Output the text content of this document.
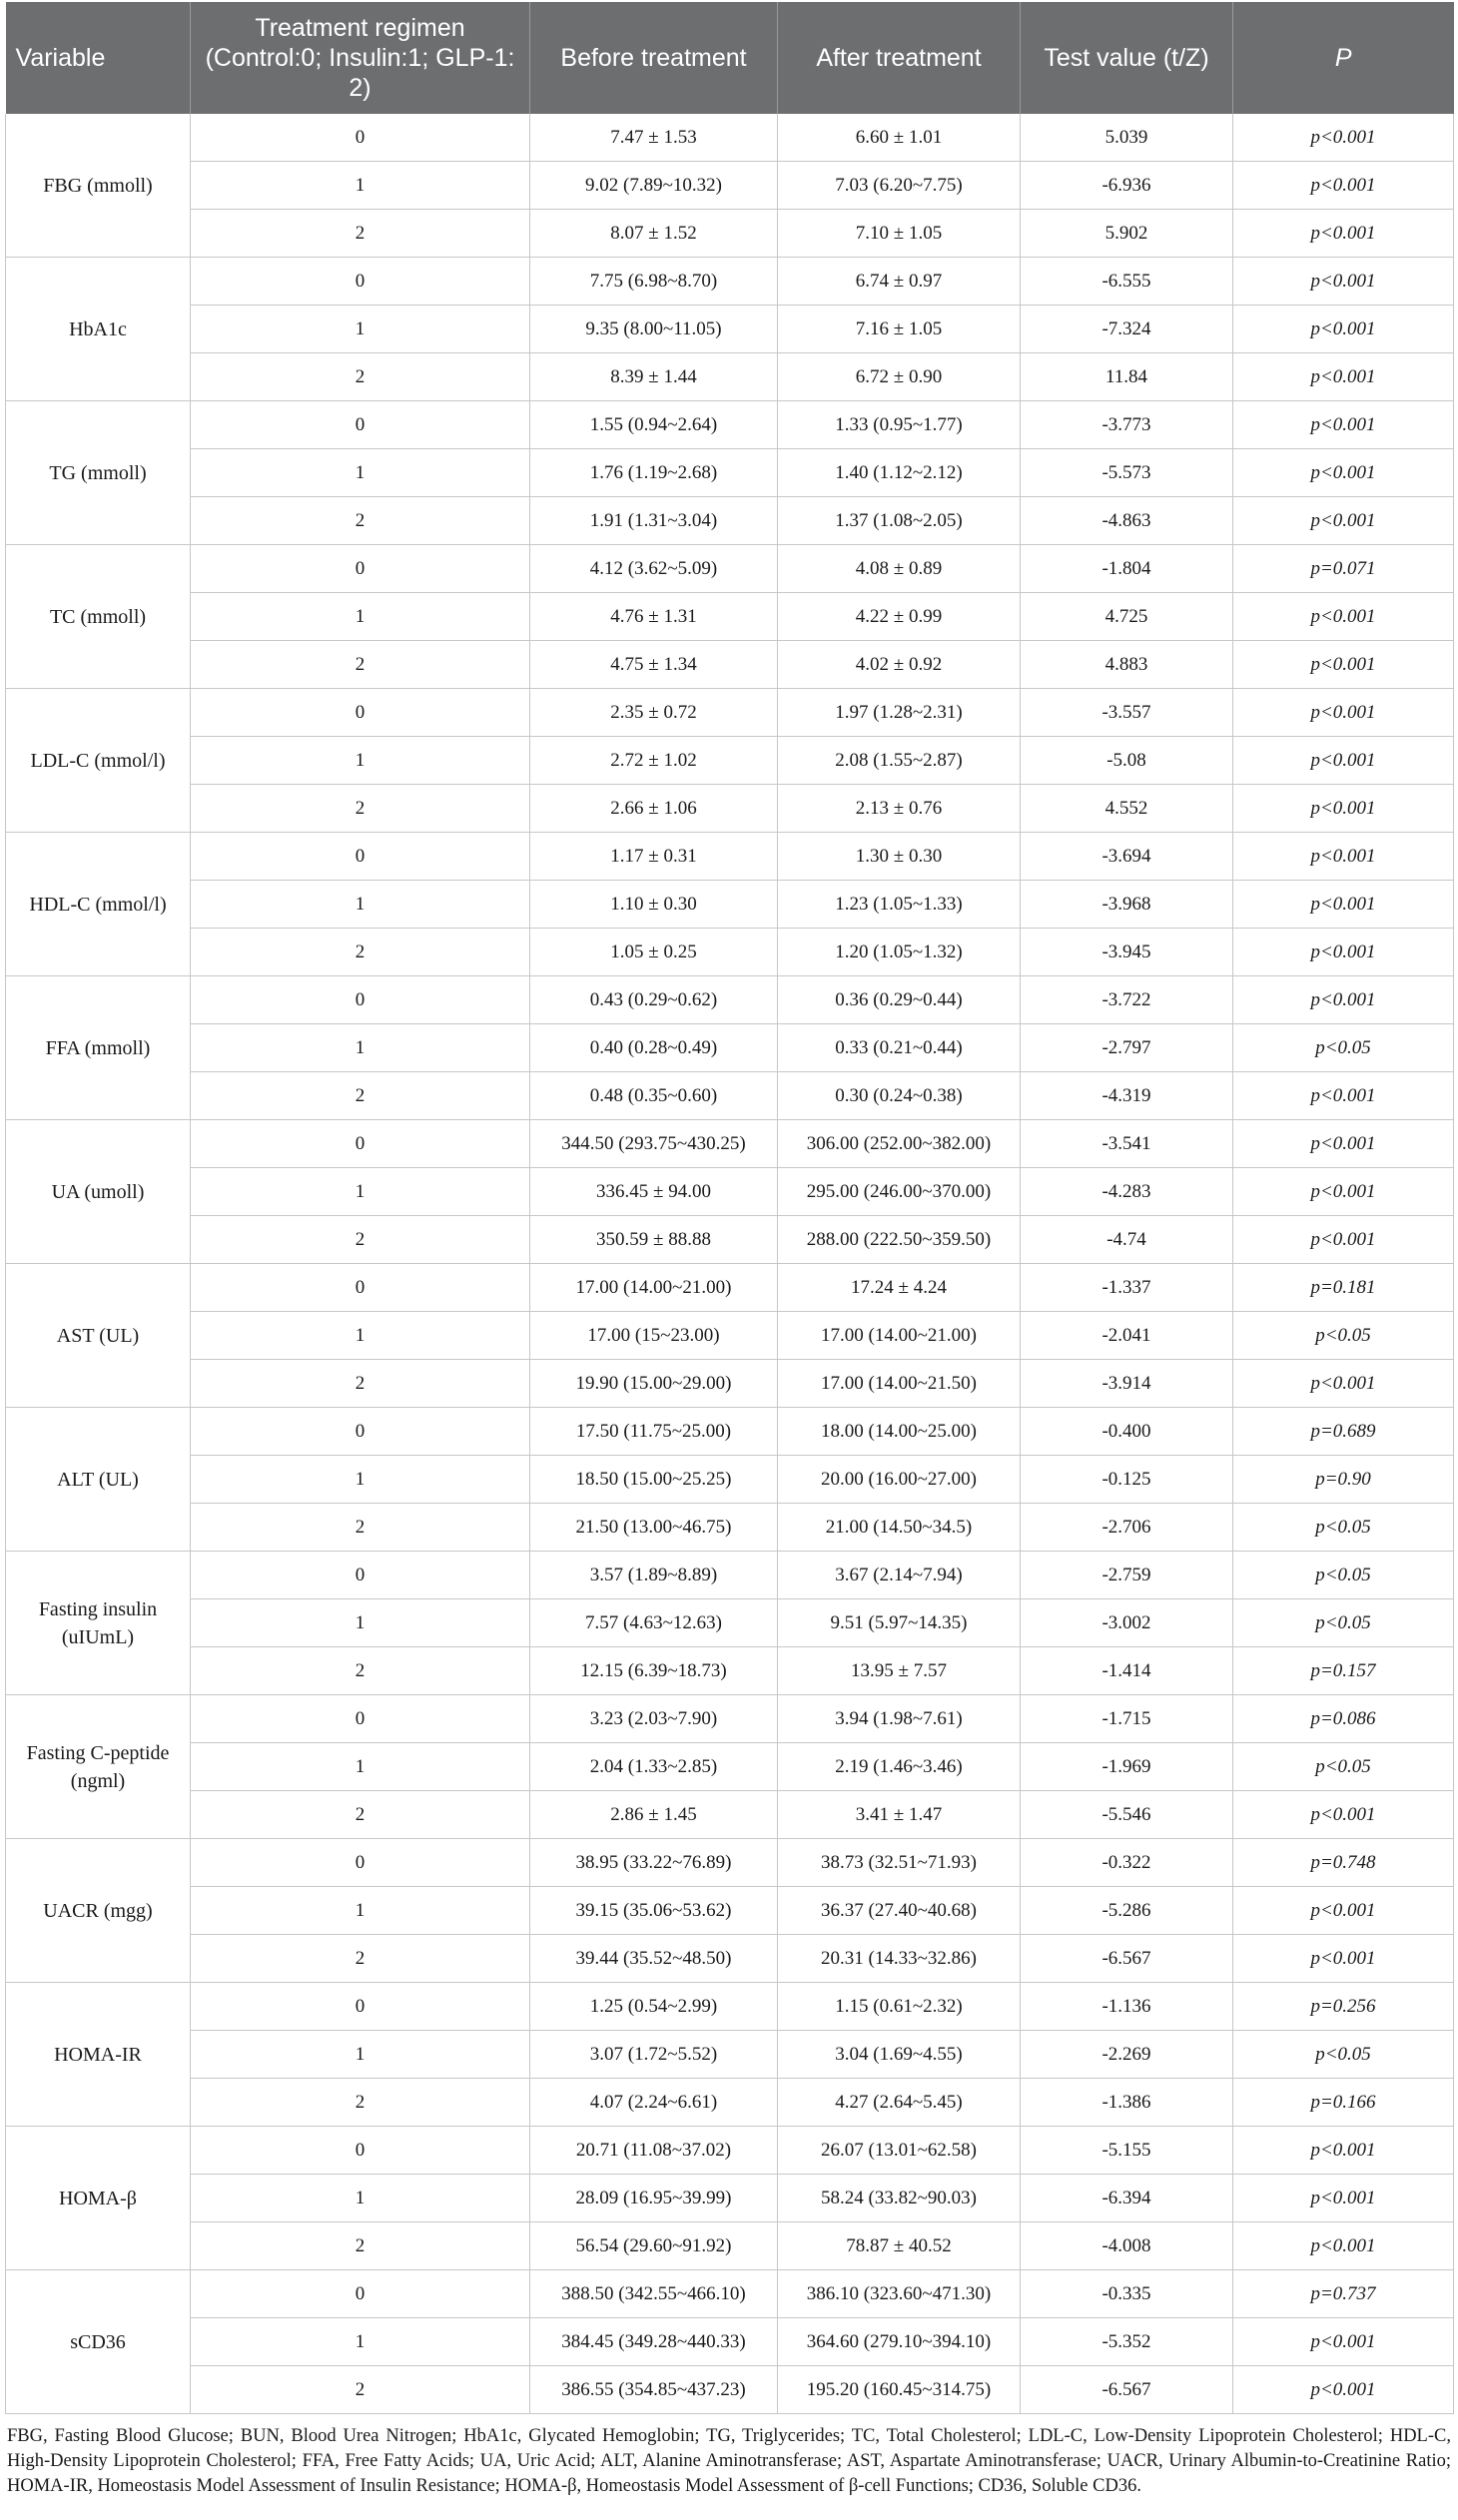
Variable	Treatment regimen (Control:0; Insulin:1; GLP-1: 2)	Before treatment	After treatment	Test value (t/Z)	P
FBG (mmoll)	0	7.47 ± 1.53	6.60 ± 1.01	5.039	p<0.001
	1	9.02 (7.89~10.32)	7.03 (6.20~7.75)	-6.936	p<0.001
	2	8.07 ± 1.52	7.10 ± 1.05	5.902	p<0.001
HbA1c	0	7.75 (6.98~8.70)	6.74 ± 0.97	-6.555	p<0.001
	1	9.35 (8.00~11.05)	7.16 ± 1.05	-7.324	p<0.001
	2	8.39 ± 1.44	6.72 ± 0.90	11.84	p<0.001
TG (mmoll)	0	1.55 (0.94~2.64)	1.33 (0.95~1.77)	-3.773	p<0.001
	1	1.76 (1.19~2.68)	1.40 (1.12~2.12)	-5.573	p<0.001
	2	1.91 (1.31~3.04)	1.37 (1.08~2.05)	-4.863	p<0.001
TC (mmoll)	0	4.12 (3.62~5.09)	4.08 ± 0.89	-1.804	p=0.071
	1	4.76 ± 1.31	4.22 ± 0.99	4.725	p<0.001
	2	4.75 ± 1.34	4.02 ± 0.92	4.883	p<0.001
LDL-C (mmol/l)	0	2.35 ± 0.72	1.97 (1.28~2.31)	-3.557	p<0.001
	1	2.72 ± 1.02	2.08 (1.55~2.87)	-5.08	p<0.001
	2	2.66 ± 1.06	2.13 ± 0.76	4.552	p<0.001
HDL-C (mmol/l)	0	1.17 ± 0.31	1.30 ± 0.30	-3.694	p<0.001
	1	1.10 ± 0.30	1.23 (1.05~1.33)	-3.968	p<0.001
	2	1.05 ± 0.25	1.20 (1.05~1.32)	-3.945	p<0.001
FFA (mmoll)	0	0.43 (0.29~0.62)	0.36 (0.29~0.44)	-3.722	p<0.001
	1	0.40 (0.28~0.49)	0.33 (0.21~0.44)	-2.797	p<0.05
	2	0.48 (0.35~0.60)	0.30 (0.24~0.38)	-4.319	p<0.001
UA (umoll)	0	344.50 (293.75~430.25)	306.00 (252.00~382.00)	-3.541	p<0.001
	1	336.45 ± 94.00	295.00 (246.00~370.00)	-4.283	p<0.001
	2	350.59 ± 88.88	288.00 (222.50~359.50)	-4.74	p<0.001
AST (UL)	0	17.00 (14.00~21.00)	17.24 ± 4.24	-1.337	p=0.181
	1	17.00 (15~23.00)	17.00 (14.00~21.00)	-2.041	p<0.05
	2	19.90 (15.00~29.00)	17.00 (14.00~21.50)	-3.914	p<0.001
ALT (UL)	0	17.50 (11.75~25.00)	18.00 (14.00~25.00)	-0.400	p=0.689
	1	18.50 (15.00~25.25)	20.00 (16.00~27.00)	-0.125	p=0.90
	2	21.50 (13.00~46.75)	21.00 (14.50~34.5)	-2.706	p<0.05
Fasting insulin (uIUmL)	0	3.57 (1.89~8.89)	3.67 (2.14~7.94)	-2.759	p<0.05
	1	7.57 (4.63~12.63)	9.51 (5.97~14.35)	-3.002	p<0.05
	2	12.15 (6.39~18.73)	13.95 ± 7.57	-1.414	p=0.157
Fasting C-peptide (ngml)	0	3.23 (2.03~7.90)	3.94 (1.98~7.61)	-1.715	p=0.086
	1	2.04 (1.33~2.85)	2.19 (1.46~3.46)	-1.969	p<0.05
	2	2.86 ± 1.45	3.41 ± 1.47	-5.546	p<0.001
UACR (mgg)	0	38.95 (33.22~76.89)	38.73 (32.51~71.93)	-0.322	p=0.748
	1	39.15 (35.06~53.62)	36.37 (27.40~40.68)	-5.286	p<0.001
	2	39.44 (35.52~48.50)	20.31 (14.33~32.86)	-6.567	p<0.001
HOMA-IR	0	1.25 (0.54~2.99)	1.15 (0.61~2.32)	-1.136	p=0.256
	1	3.07 (1.72~5.52)	3.04 (1.69~4.55)	-2.269	p<0.05
	2	4.07 (2.24~6.61)	4.27 (2.64~5.45)	-1.386	p=0.166
HOMA-β	0	20.71 (11.08~37.02)	26.07 (13.01~62.58)	-5.155	p<0.001
	1	28.09 (16.95~39.99)	58.24 (33.82~90.03)	-6.394	p<0.001
	2	56.54 (29.60~91.92)	78.87 ± 40.52	-4.008	p<0.001
sCD36	0	388.50 (342.55~466.10)	386.10 (323.60~471.30)	-0.335	p=0.737
	1	384.45 (349.28~440.33)	364.60 (279.10~394.10)	-5.352	p<0.001
	2	386.55 (354.85~437.23)	195.20 (160.45~314.75)	-6.567	p<0.001
FBG, Fasting Blood Glucose; BUN, Blood Urea Nitrogen; HbA1c, Glycated Hemoglobin; TG, Triglycerides; TC, Total Cholesterol; LDL-C, Low-Density Lipoprotein Cholesterol; HDL-C, High-Density Lipoprotein Cholesterol; FFA, Free Fatty Acids; UA, Uric Acid; ALT, Alanine Aminotransferase; AST, Aspartate Aminotransferase; UACR, Urinary Albumin-to-Creatinine Ratio; HOMA-IR, Homeostasis Model Assessment of Insulin Resistance; HOMA-β, Homeostasis Model Assessment of β-cell Functions; CD36, Soluble CD36.
